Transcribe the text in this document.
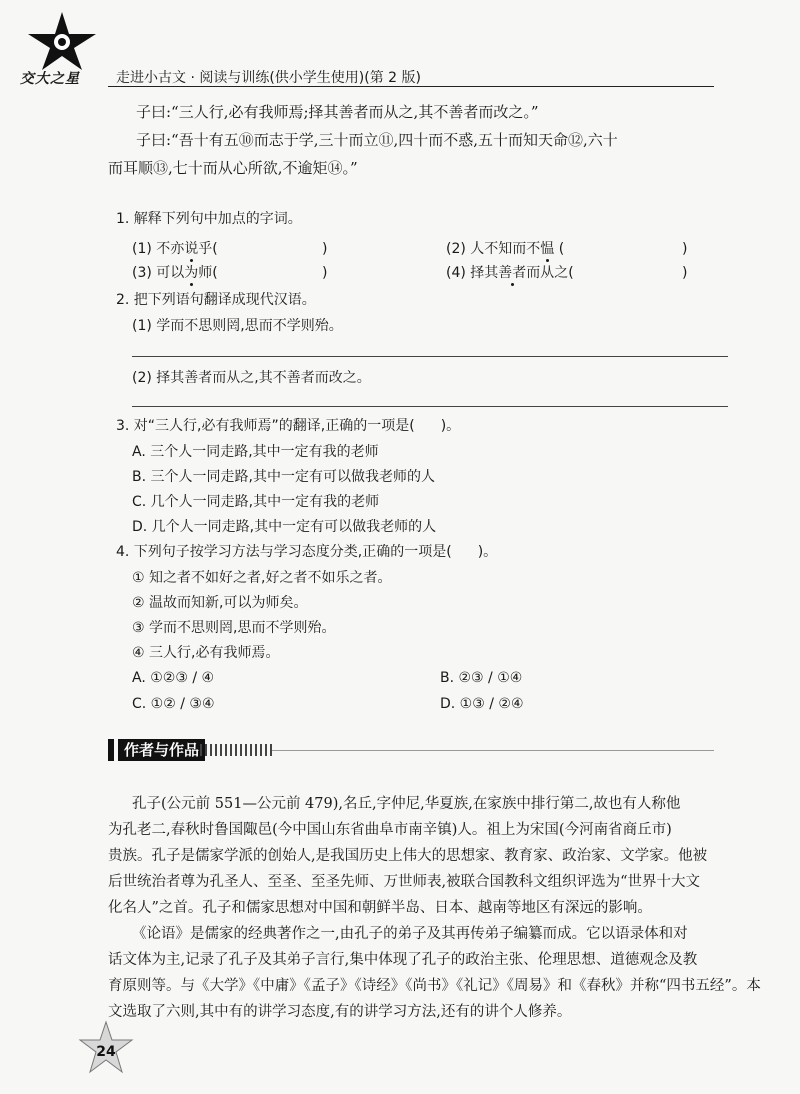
交大之星	走进小古文 · 阅读与训练(供小学生使用)(第 2 版)
子曰:“三人行,必有我师焉;择其善者而从之,其不善者而改之。”
子曰:“吾十有五⑩而志于学,三十而立⑪,四十而不惑,五十而知天命⑫,六十
而耳顺⑬,七十而从心所欲,不逾矩⑭。”
1. 解释下列句中加点的字词。
(1) 不亦说乎(	)	(2) 人不知而不愠 (	)
(3) 可以为师(	)	(4) 择其善者而从之(	)
2. 把下列语句翻译成现代汉语。
(1) 学而不思则罔,思而不学则殆。
(2) 择其善者而从之,其不善者而改之。
3. 对“三人行,必有我师焉”的翻译,正确的一项是( )。
A. 三个人一同走路,其中一定有我的老师
B. 三个人一同走路,其中一定有可以做我老师的人
C. 几个人一同走路,其中一定有我的老师
D. 几个人一同走路,其中一定有可以做我老师的人
4. 下列句子按学习方法与学习态度分类,正确的一项是( )。
① 知之者不如好之者,好之者不如乐之者。
② 温故而知新,可以为师矣。
③ 学而不思则罔,思而不学则殆。
④ 三人行,必有我师焉。
A. ①②③ / ④	B. ②③ / ①④
C. ①② / ③④	D. ①③ / ②④
作者与作品
孔子(公元前 551—公元前 479),名丘,字仲尼,华夏族,在家族中排行第二,故也有人称他
为孔老二,春秋时鲁国陬邑(今中国山东省曲阜市南辛镇)人。祖上为宋国(今河南省商丘市)
贵族。孔子是儒家学派的创始人,是我国历史上伟大的思想家、教育家、政治家、文学家。他被
后世统治者尊为孔圣人、至圣、至圣先师、万世师表,被联合国教科文组织评选为“世界十大文
化名人”之首。孔子和儒家思想对中国和朝鲜半岛、日本、越南等地区有深远的影响。
《论语》是儒家的经典著作之一,由孔子的弟子及其再传弟子编纂而成。它以语录体和对
话文体为主,记录了孔子及其弟子言行,集中体现了孔子的政治主张、伦理思想、道德观念及教
育原则等。与《大学》《中庸》《孟子》《诗经》《尚书》《礼记》《周易》和《春秋》并称“四书五经”。本
文选取了六则,其中有的讲学习态度,有的讲学习方法,还有的讲个人修养。
24
